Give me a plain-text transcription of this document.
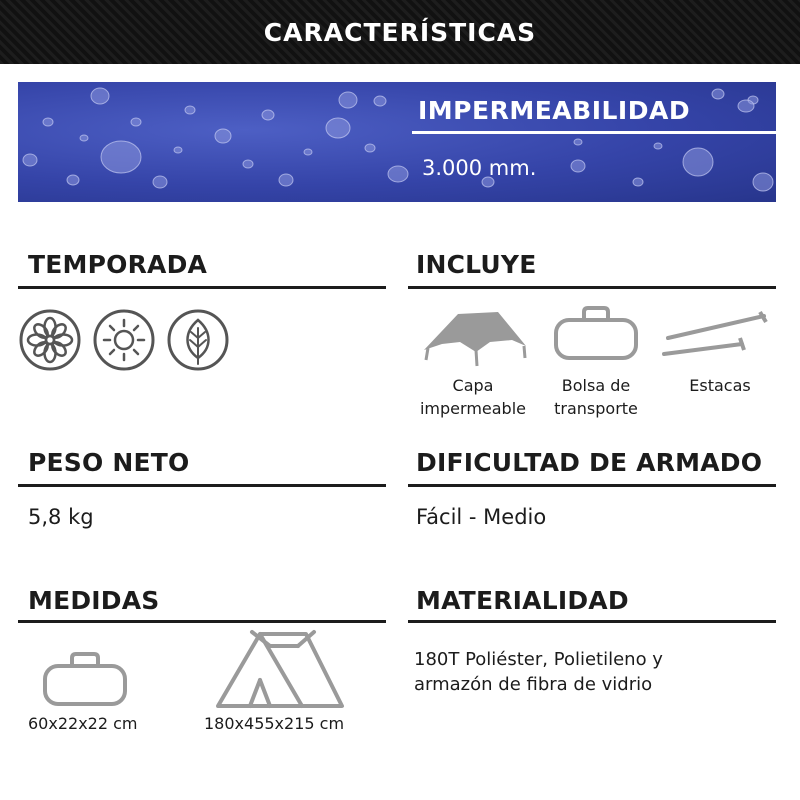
CARACTERÍSTICAS
IMPERMEABILIDAD
3.000 mm.
TEMPORADA	INCLUYE
Capa
impermeable
Bolsa de
transporte
Estacas
PESO NETO
5,8 kg
DIFICULTAD DE ARMADO
Fácil - Medio
MEDIDAS
60x22x22 cm	180x455x215 cm
MATERIALIDAD
180T Poliéster, Polietileno y
armazón de fibra de vidrio
